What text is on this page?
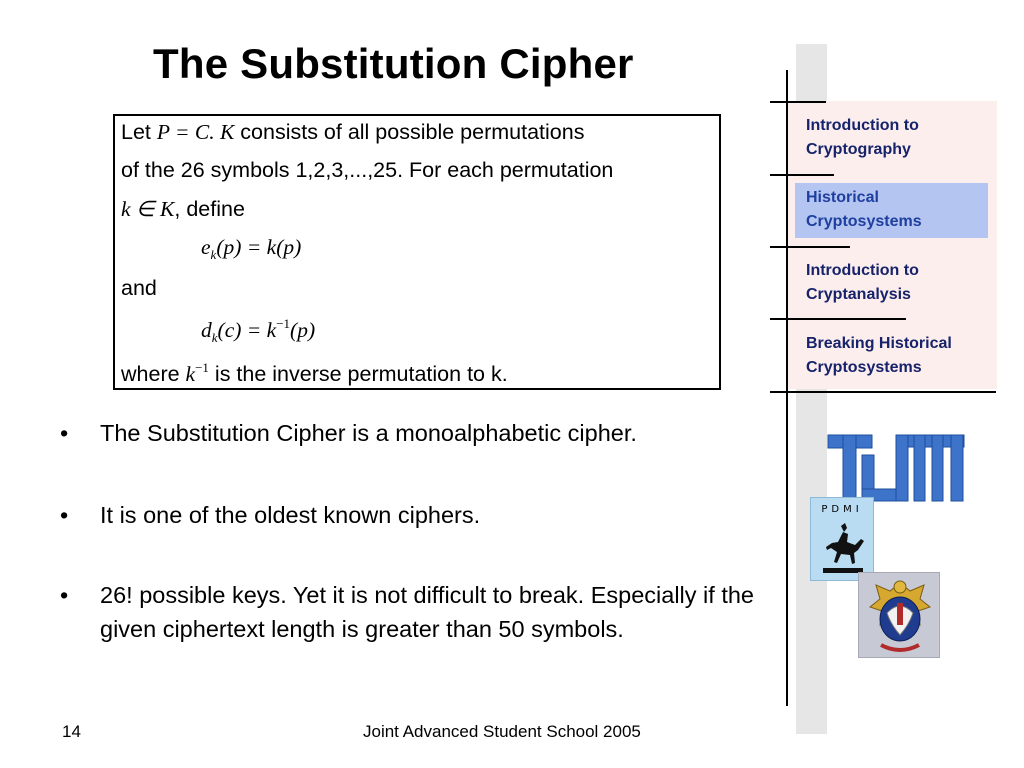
The Substitution Cipher
Let P = C. K consists of all possible permutations
of the 26 symbols 1,2,3,...,25. For each permutation
k ∈ K, define
$e_k(p) = k(p)$
and
$d_k(c) = k^{-1}(p)$
where $k^{-1}$ is the inverse permutation to k.
• The Substitution Cipher is a monoalphabetic cipher.
• It is one of the oldest known ciphers.
• 26! possible keys. Yet it is not difficult to break. Especially if the given ciphertext length is greater than 50 symbols.
14	Joint Advanced Student School 2005
Introduction to
Cryptography
Historical
Cryptosystems
Introduction to
Cryptanalysis
Breaking Historical
Cryptosystems
PDMI
